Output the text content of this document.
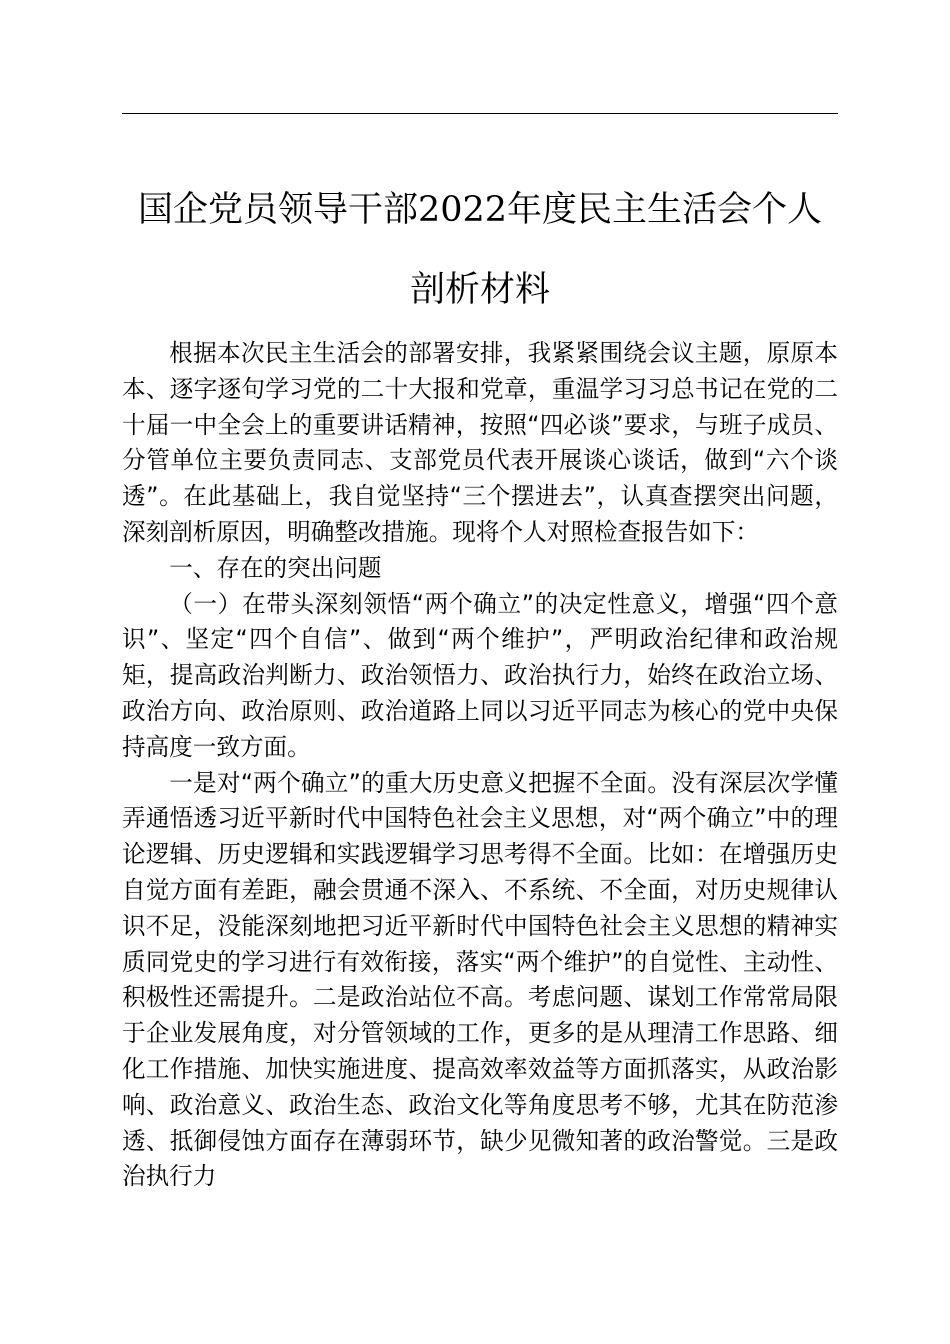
国企党员领导干部2022年度民主生活会个人
剖析材料

根据本次民主生活会的部署安排，我紧紧围绕会议主题，原原本本、逐字逐句学习党的二十大报和党章，重温学习习总书记在党的二十届一中全会上的重要讲话精神，按照“四必谈”要求，与班子成员、分管单位主要负责同志、支部党员代表开展谈心谈话，做到“六个谈透”。在此基础上，我自觉坚持“三个摆进去”，认真查摆突出问题，深刻剖析原因，明确整改措施。现将个人对照检查报告如下：

一、存在的突出问题

（一）在带头深刻领悟“两个确立”的决定性意义，增强“四个意识”、坚定“四个自信”、做到“两个维护”，严明政治纪律和政治规矩，提高政治判断力、政治领悟力、政治执行力，始终在政治立场、政治方向、政治原则、政治道路上同以习近平同志为核心的党中央保持高度一致方面。

一是对“两个确立”的重大历史意义把握不全面。没有深层次学懂弄通悟透习近平新时代中国特色社会主义思想，对“两个确立”中的理论逻辑、历史逻辑和实践逻辑学习思考得不全面。比如：在增强历史自觉方面有差距，融会贯通不深入、不系统、不全面，对历史规律认识不足，没能深刻地把习近平新时代中国特色社会主义思想的精神实质同党史的学习进行有效衔接，落实“两个维护”的自觉性、主动性、积极性还需提升。二是政治站位不高。考虑问题、谋划工作常常局限于企业发展角度，对分管领域的工作，更多的是从理清工作思路、细化工作措施、加快实施进度、提高效率效益等方面抓落实，从政治影响、政治意义、政治生态、政治文化等角度思考不够，尤其在防范渗透、抵御侵蚀方面存在薄弱环节，缺少见微知著的政治警觉。三是政治执行力
